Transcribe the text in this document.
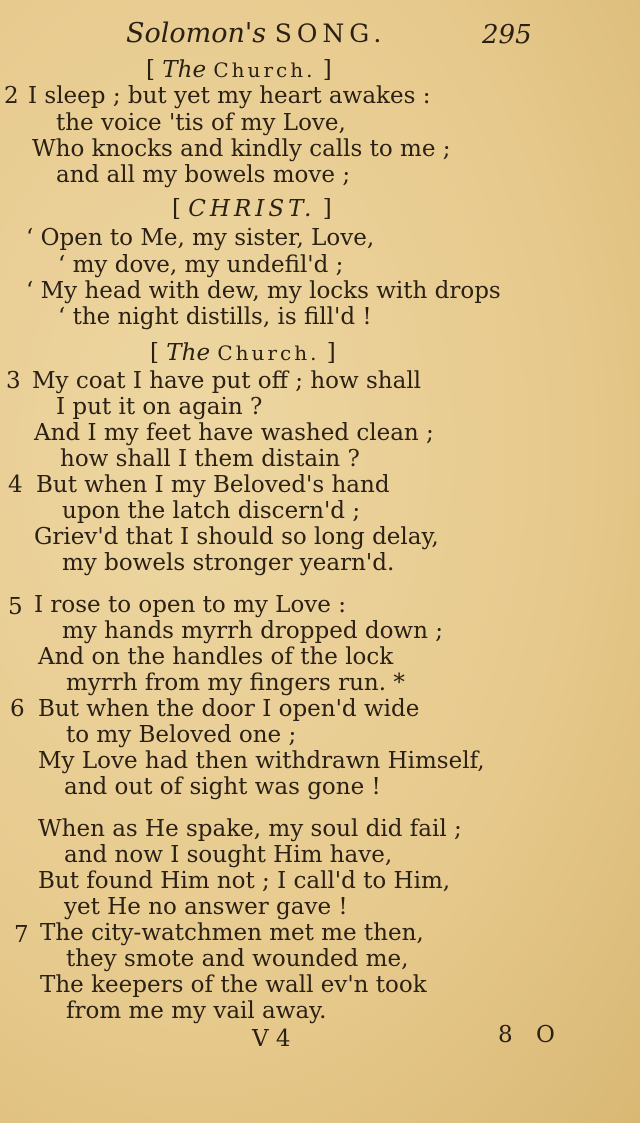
Solomon's SONG.	295
[ The Church. ]
2 I sleep ; but yet my heart awakes :
the voice 'tis of my Love,
Who knocks and kindly calls to me ;
and all my bowels move ;
[ CHRIST. ]
‘ Open to Me, my sister, Love,
‘ my dove, my undefil'd ;
‘ My head with dew, my locks with drops
‘ the night distills, is fill'd !
[ The Church. ]
3 My coat I have put off ; how shall
I put it on again ?
And I my feet have washed clean ;
how shall I them distain ?
4 But when I my Beloved's hand
upon the latch discern'd ;
Griev'd that I should so long delay,
my bowels stronger yearn'd.
5 I rose to open to my Love :
my hands myrrh dropped down ;
And on the handles of the lock
myrrh from my fingers run. *
6 But when the door I open'd wide
to my Beloved one ;
My Love had then withdrawn Himself,
and out of sight was gone !
When as He spake, my soul did fail ;
and now I sought Him have,
But found Him not ; I call'd to Him,
yet He no answer gave !
7 The city-watchmen met me then,
they smote and wounded me,
The keepers of the wall ev'n took
from me my vail away.
V 4	8 O
